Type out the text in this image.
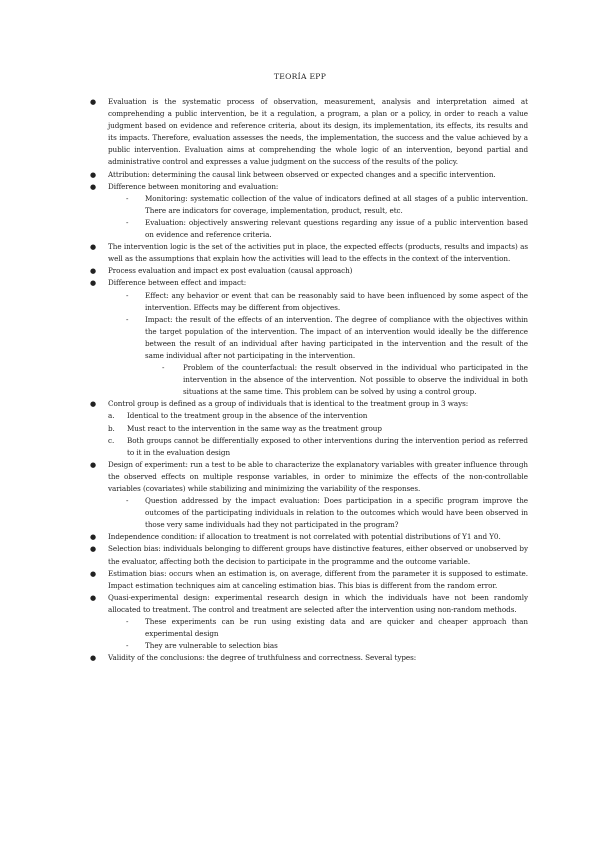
TEORÍA EPP
● Evaluation is the systematic process of observation, measurement, analysis and interpretation aimed at comprehending a public intervention, be it a regulation, a program, a plan or a policy, in order to reach a value judgment based on evidence and reference criteria, about its design, its implementation, its effects, its results and its impacts. Therefore, evaluation assesses the needs, the implementation, the success and the value achieved by a public intervention. Evaluation aims at comprehending the whole logic of an intervention, beyond partial and administrative control and expresses a value judgment on the success of the results of the policy.
● Attribution: determining the causal link between observed or expected changes and a specific intervention.
● Difference between monitoring and evaluation:
- Monitoring: systematic collection of the value of indicators defined at all stages of a public intervention. There are indicators for coverage, implementation, product, result, etc.
- Evaluation: objectively answering relevant questions regarding any issue of a public intervention based on evidence and reference criteria.
● The intervention logic is the set of the activities put in place, the expected effects (products, results and impacts) as well as the assumptions that explain how the activities will lead to the effects in the context of the intervention.
● Process evaluation and impact ex post evaluation (causal approach)
● Difference between effect and impact:
- Effect: any behavior or event that can be reasonably said to have been influenced by some aspect of the intervention. Effects may be different from objectives.
- Impact: the result of the effects of an intervention. The degree of compliance with the objectives within the target population of the intervention. The impact of an intervention would ideally be the difference between the result of an individual after having participated in the intervention and the result of the same individual after not participating in the intervention.
-	Problem of the counterfactual: the result observed in the individual who participated in the intervention in the absence of the intervention. Not possible to observe the individual in both situations at the same time. This problem can be solved by using a control group.
● Control group is defined as a group of individuals that is identical to the treatment group in 3 ways:
a. Identical to the treatment group in the absence of the intervention
b. Must react to the intervention in the same way as the treatment group
c. Both groups cannot be differentially exposed to other interventions during the intervention period as referred to it in the evaluation design
● Design of experiment: run a test to be able to characterize the explanatory variables with greater influence through the observed effects on multiple response variables, in order to minimize the effects of the non-controllable variables (covariates) while stabilizing and minimizing the variability of the responses.
- Question addressed by the impact evaluation: Does participation in a specific program improve the outcomes of the participating individuals in relation to the outcomes which would have been observed in those very same individuals had they not participated in the program?
● Independence condition: if allocation to treatment is not correlated with potential distributions of Y1 and Y0.
● Selection bias: individuals belonging to different groups have distinctive features, either observed or unobserved by the evaluator, affecting both the decision to participate in the programme and the outcome variable.
● Estimation bias: occurs when an estimation is, on average, different from the parameter it is supposed to estimate. Impact estimation techniques aim at canceling estimation bias. This bias is different from the random error.
● Quasi-experimental design: experimental research design in which the individuals have not been randomly allocated to treatment. The control and treatment are selected after the intervention using non-random methods.
- These experiments can be run using existing data and are quicker and cheaper approach than experimental design
- They are vulnerable to selection bias
● Validity of the conclusions: the degree of truthfulness and correctness. Several types:
